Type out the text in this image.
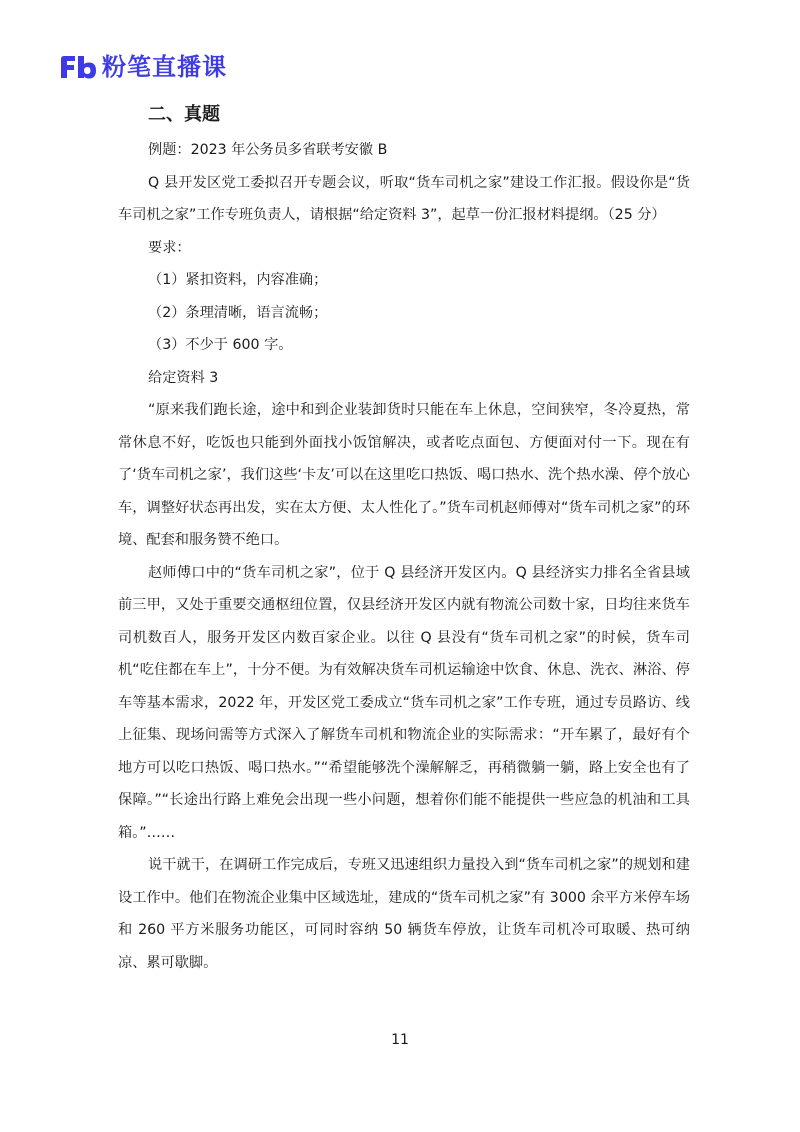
粉笔直播课
二、真题

例题：2023 年公务员多省联考安徽 B

Q 县开发区党工委拟召开专题会议，听取“货车司机之家”建设工作汇报。假设你是“货车司机之家”工作专班负责人，请根据“给定资料 3”，起草一份汇报材料提纲。（25 分）

要求：

（1）紧扣资料，内容准确；

（2）条理清晰，语言流畅；

（3）不少于 600 字。

给定资料 3

“原来我们跑长途，途中和到企业装卸货时只能在车上休息，空间狭窄，冬冷夏热，常常休息不好，吃饭也只能到外面找小饭馆解决，或者吃点面包、方便面对付一下。现在有了‘货车司机之家’，我们这些‘卡友’可以在这里吃口热饭、喝口热水、洗个热水澡、停个放心车，调整好状态再出发，实在太方便、太人性化了。”货车司机赵师傅对“货车司机之家”的环境、配套和服务赞不绝口。

赵师傅口中的“货车司机之家”，位于 Q 县经济开发区内。Q 县经济实力排名全省县域前三甲，又处于重要交通枢纽位置，仅县经济开发区内就有物流公司数十家，日均往来货车司机数百人，服务开发区内数百家企业。以往 Q 县没有“货车司机之家”的时候，货车司机“吃住都在车上”，十分不便。为有效解决货车司机运输途中饮食、休息、洗衣、淋浴、停车等基本需求，2022 年，开发区党工委成立“货车司机之家”工作专班，通过专员路访、线上征集、现场问需等方式深入了解货车司机和物流企业的实际需求：“开车累了，最好有个地方可以吃口热饭、喝口热水。”“希望能够洗个澡解解乏，再稍微躺一躺，路上安全也有了保障。”“长途出行路上难免会出现一些小问题，想着你们能不能提供一些应急的机油和工具箱。”……

说干就干，在调研工作完成后，专班又迅速组织力量投入到“货车司机之家”的规划和建设工作中。他们在物流企业集中区域选址，建成的“货车司机之家”有 3000 余平方米停车场和 260 平方米服务功能区，可同时容纳 50 辆货车停放，让货车司机冷可取暖、热可纳凉、累可歇脚。

11
